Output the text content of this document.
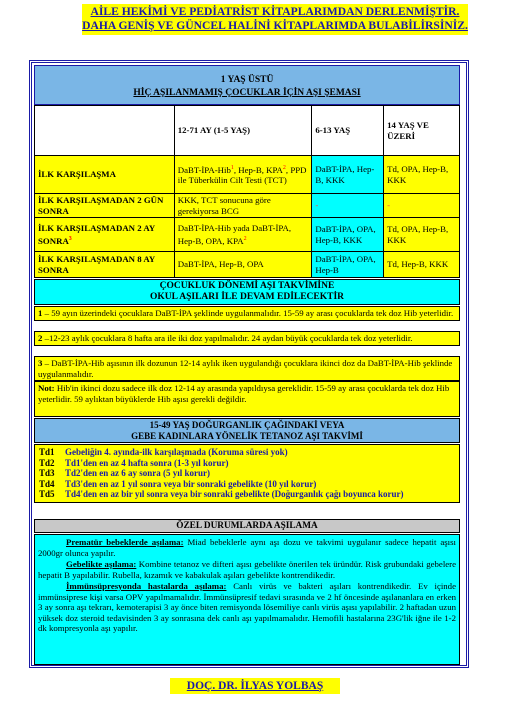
AİLE HEKİMİ VE PEDİATRİST KİTAPLARIMDAN DERLENMİŞTİR.
DAHA GENİŞ VE GÜNCEL HALİNİ KİTAPLARIMDA BULABİLİRSİNİZ.
1 YAŞ ÜSTÜ
HİÇ AŞILANMAMIŞ ÇOCUKLAR İÇİN AŞI ŞEMASI
	12-71 AY (1-5 YAŞ)	6-13 YAŞ	14 YAŞ VE ÜZERİ
İLK KARŞILAŞMA	DaBT-İPA-Hib$^1$, Hep-B, KPA$^2$, PPD ile Tüberkülin Cilt Testi (TCT)	DaBT-İPA, Hep-B, KKK	Td, OPA, Hep-B, KKK
İLK KARŞILAŞMADAN 2 GÜN SONRA	KKK, TCT sonucuna göre gerekiyorsa BCG	-	-
İLK KARŞILAŞMADAN 2 AY SONRA$^3$	DaBT-İPA-Hib yada DaBT-İPA, Hep-B, OPA, KPA$^2$	DaBT-İPA, OPA, Hep-B, KKK	Td, OPA, Hep-B, KKK
İLK KARŞILAŞMADAN 8 AY SONRA	DaBT-İPA, Hep-B, OPA	DaBT-İPA, OPA, Hep-B	Td, Hep-B, KKK
ÇOCUKLUK DÖNEMİ AŞI TAKVİMİNE
OKUL AŞILARI İLE DEVAM EDİLECEKTİR
1 – 59 ayın üzerindeki çocuklara DaBT-İPA şeklinde uygulanmalıdır. 15-59 ay arası çocuklarda tek doz Hib yeterlidir.
2 –12-23 aylık çocuklara 8 hafta ara ile iki doz yapılmalıdır. 24 aydan büyük çocuklarda tek doz yeterlidir.
3 – DaBT-İPA-Hib aşısının ilk dozunun 12-14 aylık iken uygulandığı çocuklara ikinci doz da DaBT-İPA-Hib şeklinde uygulanmalıdır.
Not: Hib'in ikinci dozu sadece ilk doz 12-14 ay arasında yapıldıysa gereklidir. 15-59 ay arası çocuklarda tek doz Hib yeterlidir. 59 aylıktan büyüklerde Hib aşısı gerekli değildir.
15-49 YAŞ DOĞURGANLIK ÇAĞINDAKİ VEYA
GEBE KADINLARA YÖNELİK TETANOZ AŞI TAKVİMİ
Td1 Gebeliğin 4. ayında-ilk karşılaşmada (Koruma süresi yok)
Td2 Td1'den en az 4 hafta sonra (1-3 yıl korur)
Td3 Td2'den en az 6 ay sonra (5 yıl korur)
Td4 Td3'den en az 1 yıl sonra veya bir sonraki gebelikte (10 yıl korur)
Td5 Td4'den en az bir yıl sonra veya bir sonraki gebelikte (Doğurganlık çağı boyunca korur)
ÖZEL DURUMLARDA AŞILAMA

Prematür bebeklerde aşılama: Miad bebeklerle aynı aşı dozu ve takvimi uygulanır sadece hepatit aşısı 2000gr olunca yapılır.

Gebelikte aşılama: Kombine tetanoz ve difteri aşısı gebelikte önerilen tek üründür. Risk grubundaki gebelere hepatit B yapılabilir. Rubella, kızamık ve kabakulak aşıları gebelikte kontrendikedir.

İmmünsüpresyonda hastalarda aşılama: Canlı virüs ve bakteri aşıları kontrendikedir. Ev içinde immünsiprese kişi varsa OPV yapılmamalıdır. İmmünsüpresif tedavi sırasında ve 2 hf öncesinde aşılananlara en erken 3 ay sonra aşı tekrarı, kemoterapisi 3 ay önce biten remisyonda lösemiliye canlı virüs aşısı yapılabilir. 2 haftadan uzun yüksek doz steroid tedavisinden 3 ay sonrasına dek canlı aşı yapılmamalıdır. Hemofili hastalarına 23G'lik iğne ile 1-2 dk kompresyonla aşı yapılır.

DOÇ. DR. İLYAS YOLBAŞ
